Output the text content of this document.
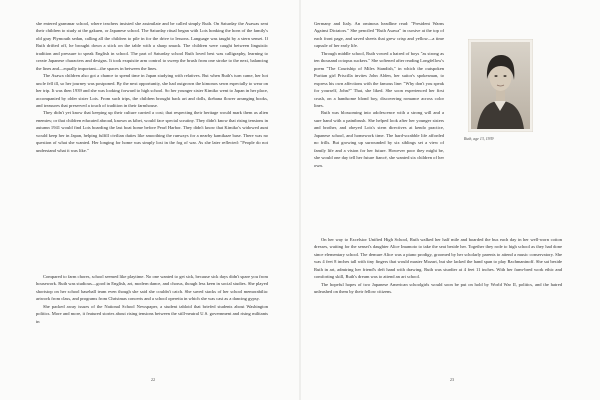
she entered grammar school, where teachers insisted she assimilate and be called simply Ruth. On Saturday the Asawas sent their children to study at the gakuen, or Japanese school. The Saturday ritual began with Lois honking the horn of the family's old gray Plymouth sedan, calling all the children to pile in for the drive to lessons. Language was taught by a stern sensei. If Ruth drifted off, he brought down a stick on the table with a sharp smack. The children were caught between linguistic tradition and pressure to speak English in school. The part of Saturday school Ruth loved best was calligraphy, learning to create Japanese characters and designs. It took exquisite arm control to sweep the brush from one stroke to the next, balancing the lines and—equally important—the spaces in between the lines.

The Asawa children also got a chance to spend time in Japan studying with relatives. But when Ruth's turn came, her hot uncle fell ill, so her journey was postponed. By the next opportunity, she had outgrown the kimonos sewn especially to wear on her trip. It was then 1939 and she was looking forward to high school. So her younger sister Kimiko went to Japan in her place, accompanied by older sister Lois. From such trips, the children brought back art and dolls, ikebana flower arranging books, and treasures that preserved a touch of tradition in their farmhouse.

They didn't yet know that keeping up their culture carried a cost; that respecting their heritage would mark them as alien enemies; or that children educated abroad, known as kibei, would face special scrutiny. They didn't know that rising tensions in autumn 1941 would find Lois boarding the last boat home before Pearl Harbor. They didn't know that Kimiko's widowed aunt would keep her in Japan, helping fulfill civilian duties like smoothing the runways for a nearby kamikaze base. There was no question of what she wanted. Her longing for home was simply lost in the fog of war. As she later reflected: "People do not understand what it was like."

Compared to farm chores, school seemed like playtime. No one wanted to get sick, because sick days didn't spare you from housework. Ruth was studious—good in English, art, modern dance, and chorus, though less keen in social studies. She played shortstop on her school baseball team even though she said she couldn't catch. She saved stacks of her school memorabilia: artwork from class, and programs from Christmas concerts and a school operetta in which she was cast as a dancing gypsy.

She packed away issues of the National School Newspaper, a student tabloid that briefed students about Washington politics. More and more, it featured stories about rising tensions between the still-neutral U.S. government and rising militants in

22

Germany and Italy. An ominous headline read: "President Warns Against Dictators." She penciled "Ruth Asawa" in cursive at the top of each front page, and saved sheets that grew crisp and yellow—a time capsule of her early life.

Through middle school, Ruth vowed a hatred of boys "as strong as ten thousand octopus suckers." She softened after reading Longfellow's poem "The Courtship of Miles Standish," in which the outspoken Puritan girl Priscilla invites John Alden, her suitor's spokesman, to express his own affections with the famous line: "Why don't you speak for yourself, John?" That, she liked. She soon experienced her first crush, on a handsome blond boy, discovering romance across color lines.

Ruth was blossoming into adolescence with a strong will and a sure hand with a paintbrush. She helped look after her younger sisters and brother, and obeyed Lois's stern directives at kendo practice, Japanese school, and homework time. The hard-scrabble life afforded no frills. But growing up surrounded by six siblings set a view of family life and a vision for her future. However poor they might be, she would one day tell her future fiancé, she wanted six children of her own.

Ruth, age 13, 1939

On her way to Excelsior Unified High School, Ruth walked her half mile and boarded the bus each day in her well-worn cotton dresses, waiting for the sensei's daughter Alice Imamoto to take the seat beside her. Together they rode to high school as they had done since elementary school. The demure Alice was a piano prodigy, groomed by her scholarly parents to attend a music conservatory. She was 4 feet 8 inches tall with tiny fingers that would master Mozart, but she lacked the hand span to play Rachmaninoff. She sat beside Ruth in art, admiring her friend's deft hand with drawing. Ruth was sturdier at 4 feet 11 inches. With her farm-bred work ethic and comforting skill, Ruth's dream was to attend an art school.

The hopeful hopes of two Japanese American schoolgirls would soon be put on hold by World War II, politics, and the hatred unleashed on them by their fellow citizens.

23
